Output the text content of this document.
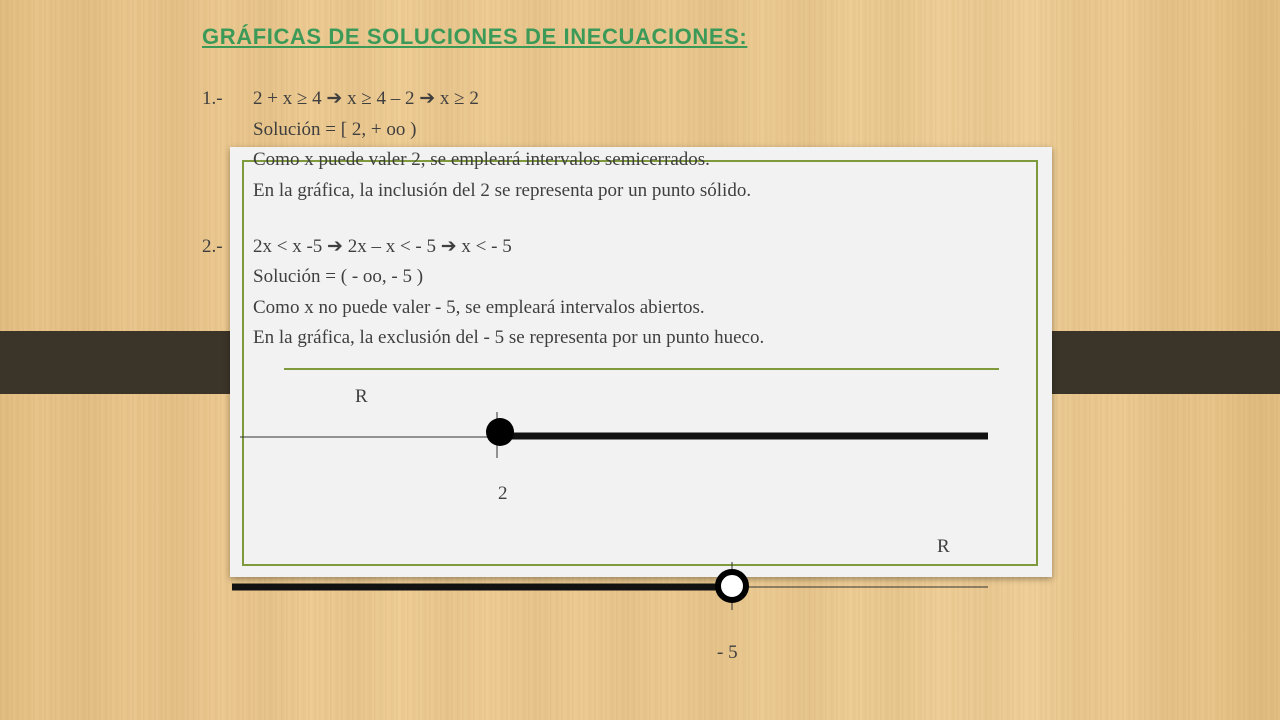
GRÁFICAS DE SOLUCIONES DE INECUACIONES:
1.- 2 + x ≥ 4 ➔ x ≥ 4 – 2 ➔ x ≥ 2
Solución = [ 2, + oo )
Como x puede valer 2, se empleará intervalos semicerrados.
En la gráfica, la inclusión del 2 se representa por un punto sólido.
2.- 2x < x -5 ➔ 2x – x < - 5 ➔ x < - 5
Solución = ( - oo, - 5 )
Como x no puede valer - 5, se empleará intervalos abiertos.
En la gráfica, la exclusión del - 5 se representa por un punto hueco.
R
2
R
- 5
